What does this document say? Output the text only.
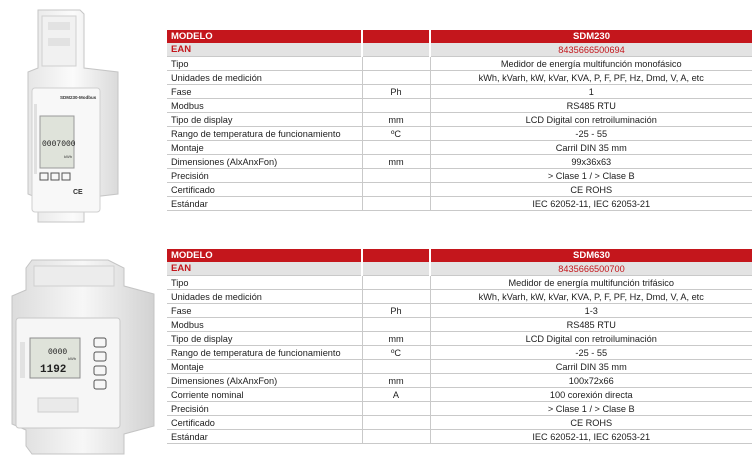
SDM230-Modbus
0007000
kWh
CE
MODELO		SDM230
EAN		8435666500694
Tipo		Medidor de energía multifunción monofásico
Unidades de medición		kWh, kVarh, kW, kVar, KVA, P, F, PF, Hz, Dmd, V, A, etc
Fase	Ph	1
Modbus		RS485 RTU
Tipo de display	mm	LCD Digital con retroiluminación
Rango de temperatura de funcionamiento	ºC	-25 - 55
Montaje		Carril DIN 35 mm
Dimensiones (AlxAnxFon)	mm	99x36x63
Precisión		> Clase 1 / > Clase B
Certificado		CE ROHS
Estándar		IEC 62052-11, IEC 62053-21
0000
kWh
1192
MODELO		SDM630
EAN		8435666500700
Tipo		Medidor de energía multifunción trifásico
Unidades de medición		kWh, kVarh, kW, kVar, KVA, P, F, PF, Hz, Dmd, V, A, etc
Fase	Ph	1-3
Modbus		RS485 RTU
Tipo de display	mm	LCD Digital con retroiluminación
Rango de temperatura de funcionamiento	ºC	-25 - 55
Montaje		Carril DIN 35 mm
Dimensiones (AlxAnxFon)	mm	100x72x66
Corriente nominal	A	100 corexión directa
Precisión		> Clase 1 / > Clase B
Certificado		CE ROHS
Estándar		IEC 62052-11, IEC 62053-21
